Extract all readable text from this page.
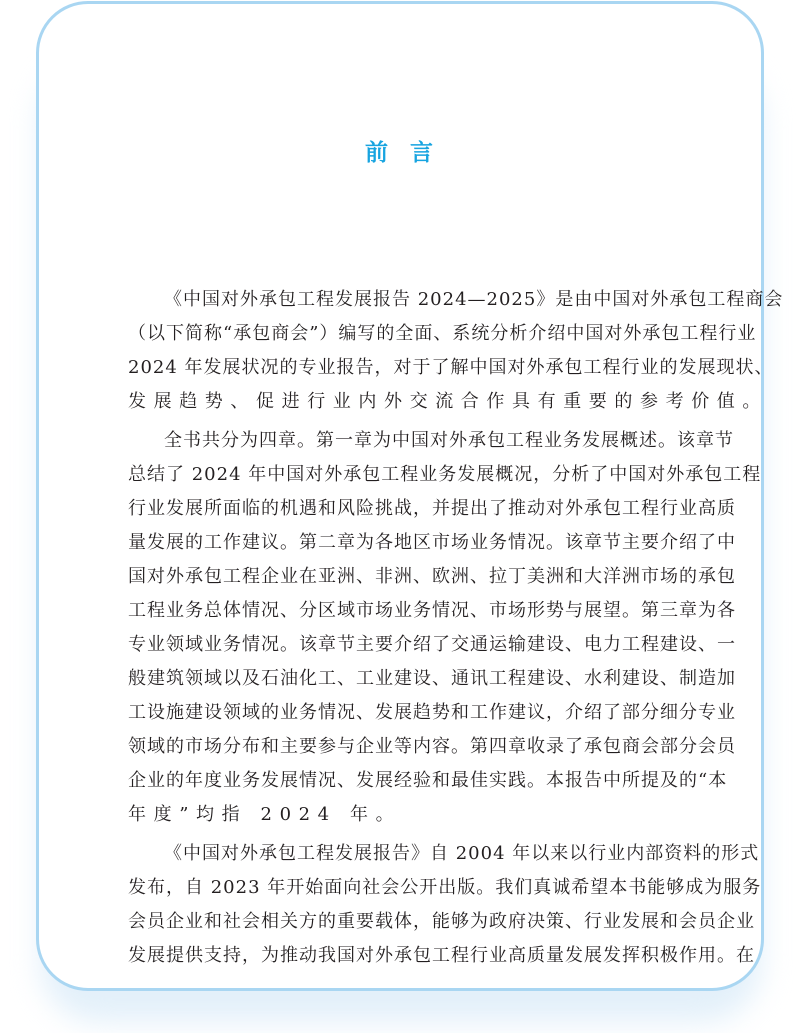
前  言
《中国对外承包工程发展报告 2024—2025》是由中国对外承包工程商会
（以下简称“承包商会”）编写的全面、系统分析介绍中国对外承包工程行业
2024 年发展状况的专业报告，对于了解中国对外承包工程行业的发展现状、
发展趋势、促进行业内外交流合作具有重要的参考价值。
全书共分为四章。第一章为中国对外承包工程业务发展概述。该章节
总结了 2024 年中国对外承包工程业务发展概况，分析了中国对外承包工程
行业发展所面临的机遇和风险挑战，并提出了推动对外承包工程行业高质
量发展的工作建议。第二章为各地区市场业务情况。该章节主要介绍了中
国对外承包工程企业在亚洲、非洲、欧洲、拉丁美洲和大洋洲市场的承包
工程业务总体情况、分区域市场业务情况、市场形势与展望。第三章为各
专业领域业务情况。该章节主要介绍了交通运输建设、电力工程建设、一
般建筑领域以及石油化工、工业建设、通讯工程建设、水利建设、制造加
工设施建设领域的业务情况、发展趋势和工作建议，介绍了部分细分专业
领域的市场分布和主要参与企业等内容。第四章收录了承包商会部分会员
企业的年度业务发展情况、发展经验和最佳实践。本报告中所提及的“本
年度”均指 2024 年。
《中国对外承包工程发展报告》自 2004 年以来以行业内部资料的形式
发布，自 2023 年开始面向社会公开出版。我们真诚希望本书能够成为服务
会员企业和社会相关方的重要载体，能够为政府决策、行业发展和会员企业
发展提供支持，为推动我国对外承包工程行业高质量发展发挥积极作用。在
